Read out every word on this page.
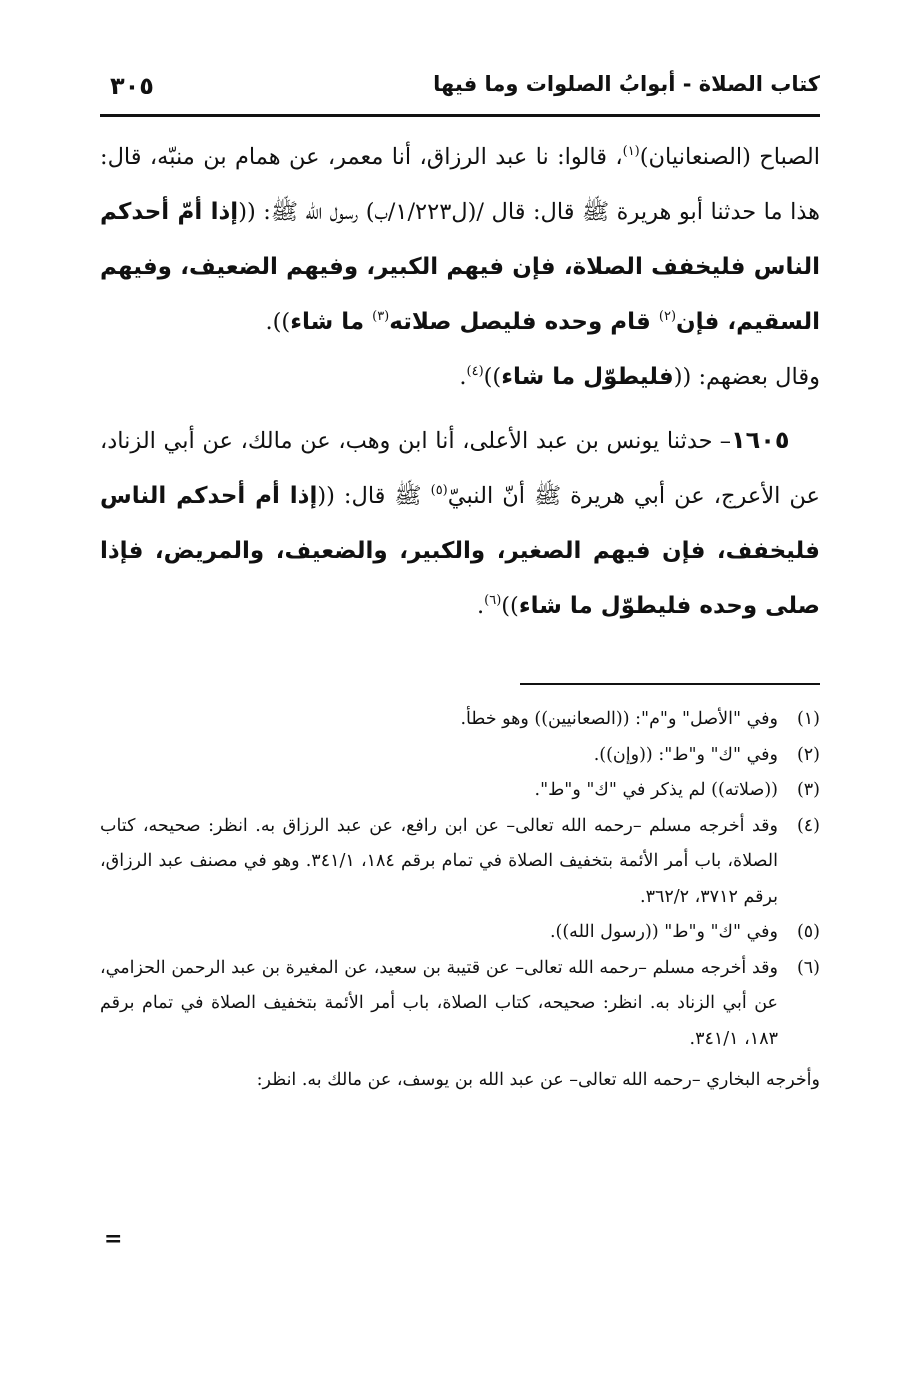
كتاب الصلاة - أبوابُ الصلوات وما فيها
٣٠٥

الصباح (الصنعانيان)$^{(١)}$، قالوا: نا عبد الرزاق، أنا معمر، عن همام بن منبّه، قال: هذا ما حدثنا أبو هريرة ﷺ قال: قال /(ل١/٢٢٣/ب) رسول الله ﷺ: ((إذا أمّ أحدكم الناس فليخفف الصلاة، فإن فيهم الكبير، وفيهم الضعيف، وفيهم السقيم، فإن$^{(٢)}$ قام وحده فليصل صلاته$^{(٣)}$ ما شاء)).
وقال بعضهم: ((فليطوّل ما شاء))$^{(٤)}$.

١٦٠٥– حدثنا يونس بن عبد الأعلى، أنا ابن وهب، عن مالك، عن أبي الزناد، عن الأعرج، عن أبي هريرة ﷺ أنّ النبيّ$^{(٥)}$ ﷺ قال: ((إذا أم أحدكم الناس فليخفف، فإن فيهم الصغير، والكبير، والضعيف، والمريض، فإذا صلى وحده فليطوّل ما شاء))$^{(٦)}$.

(١)
وفي "الأصل" و"م": ((الصعانيين)) وهو خطأ.

(٢)
وفي "ك" و"ط": ((وإن)).

(٣)
((صلاته)) لم يذكر في "ك" و"ط".

(٤)
وقد أخرجه مسلم –رحمه الله تعالى– عن ابن رافع، عن عبد الرزاق به. انظر: صحيحه، كتاب الصلاة، باب أمر الأئمة بتخفيف الصلاة في تمام برقم ١٨٤، ٣٤١/١. وهو في مصنف عبد الرزاق، برقم ٣٧١٢، ٣٦٢/٢.

(٥)
وفي "ك" و"ط" ((رسول الله)).

(٦)
وقد أخرجه مسلم –رحمه الله تعالى– عن قتيبة بن سعيد، عن المغيرة بن عبد الرحمن الحزامي، عن أبي الزناد به. انظر: صحيحه، كتاب الصلاة، باب أمر الأئمة بتخفيف الصلاة في تمام برقم ١٨٣، ٣٤١/١.

وأخرجه البخاري –رحمه الله تعالى– عن عبد الله بن يوسف، عن مالك به. انظر:

=
